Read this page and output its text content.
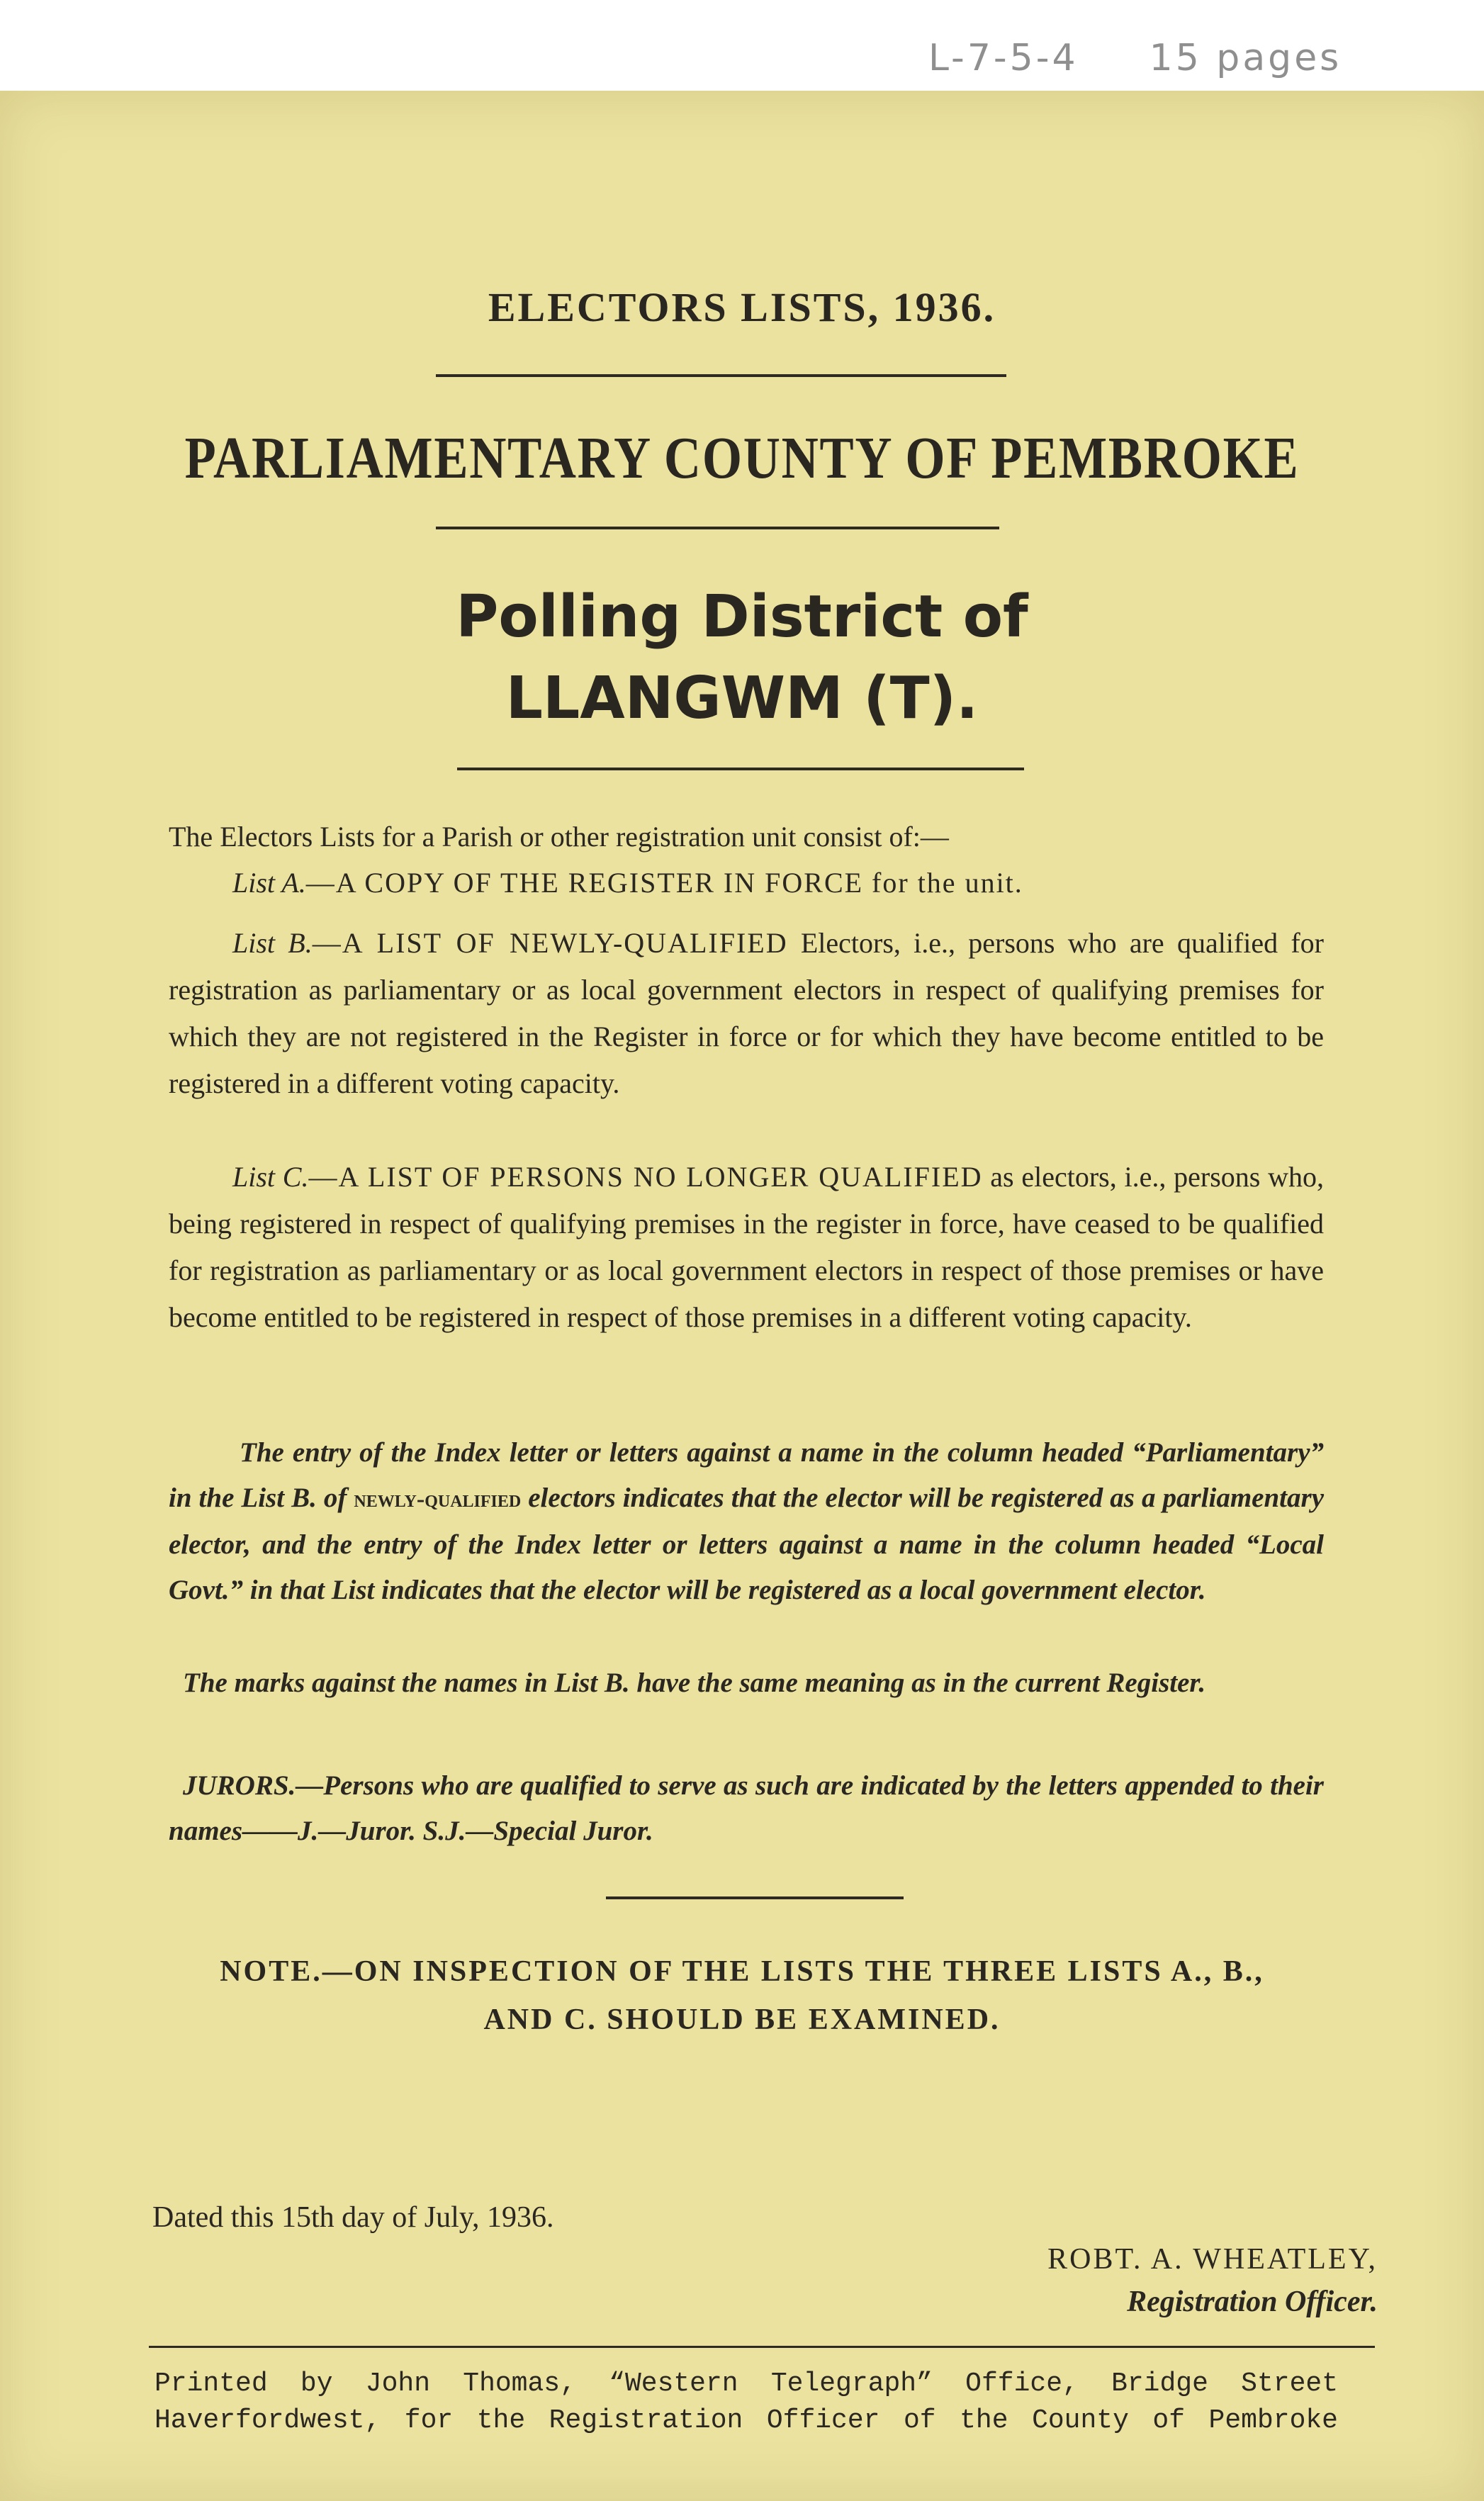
L-7-5-4 15 pages
ELECTORS LISTS, 1936.
PARLIAMENTARY COUNTY OF PEMBROKE
Polling District of
LLANGWM (T).
The Electors Lists for a Parish or other registration unit consist of:—
List A.—A COPY OF THE REGISTER IN FORCE for the unit.
List B.—A LIST OF NEWLY-QUALIFIED Electors, i.e., persons who are qualified for registration as parliamentary or as local government electors in respect of qualifying premises for which they are not registered in the Register in force or for which they have become entitled to be registered in a different voting capacity.
List C.—A LIST OF PERSONS NO LONGER QUALIFIED as electors, i.e., persons who, being registered in respect of qualifying premises in the register in force, have ceased to be qualified for registration as parliamentary or as local government electors in respect of those premises or have become entitled to be registered in respect of those premises in a different voting capacity.
The entry of the Index letter or letters against a name in the column headed “Parliamentary” in the List B. of newly-qualified electors indicates that the elector will be registered as a parliamentary elector, and the entry of the Index letter or letters against a name in the column headed “Local Govt.” in that List indicates that the elector will be registered as a local government elector.
The marks against the names in List B. have the same meaning as in the current Register.
JURORS.—Persons who are qualified to serve as such are indicated by the letters appended to their names——J.—Juror. S.J.—Special Juror.
NOTE.—ON INSPECTION OF THE LISTS THE THREE LISTS A., B.,
AND C. SHOULD BE EXAMINED.
Dated this 15th day of July, 1936.
ROBT. A. WHEATLEY,
Registration Officer.
Printed by John Thomas, “Western Telegraph” Office, Bridge Street
Haverfordwest, for the Registration Officer of the County of Pembroke
